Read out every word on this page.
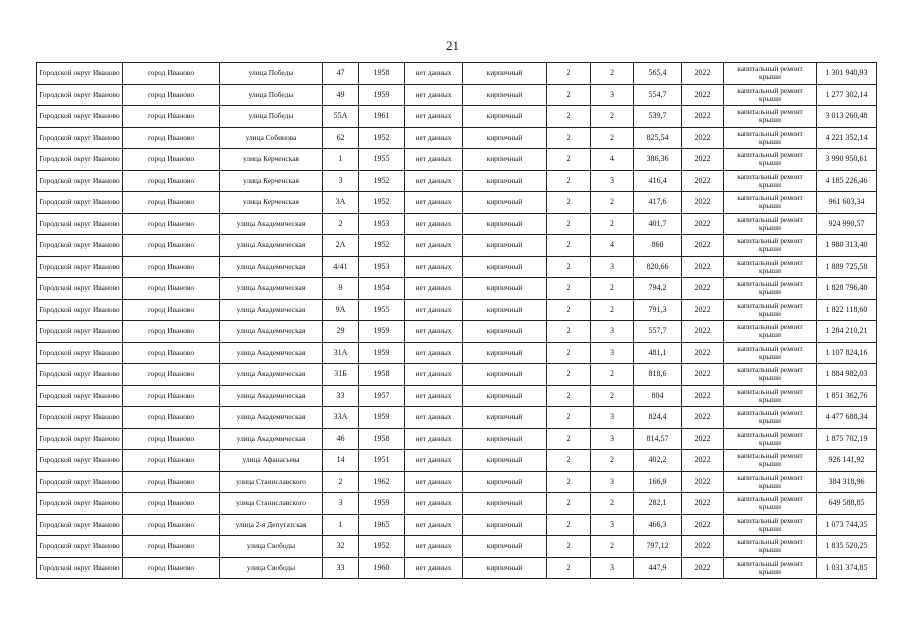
21
Городской округ Иваново	город Иваново	улица Победы	47	1958	нет данных	кирпичный	2	2	565,4	2022	капитальный ремонт крыши	1 301 940,93
Городской округ Иваново	город Иваново	улица Победы	49	1959	нет данных	кирпичный	2	3	554,7	2022	капитальный ремонт крыши	1 277 302,14
Городской округ Иваново	город Иваново	улица Победы	55А	1961	нет данных	кирпичный	2	2	539,7	2022	капитальный ремонт крыши	3 013 260,48
Городской округ Иваново	город Иваново	улица Собинова	62	1952	нет данных	кирпичный	2	2	825,54	2022	капитальный ремонт крыши	4 221 352,14
Городской округ Иваново	город Иваново	улица Керченская	1	1955	нет данных	кирпичный	2	4	386,36	2022	капитальный ремонт крыши	3 990 950,61
Городской округ Иваново	город Иваново	улица Керченская	3	1952	нет данных	кирпичный	2	3	416,4	2022	капитальный ремонт крыши	4 185 226,46
Городской округ Иваново	город Иваново	улица Керченская	3А	1952	нет данных	кирпичный	2	2	417,6	2022	капитальный ремонт крыши	961 603,34
Городской округ Иваново	город Иваново	улица Академическая	2	1953	нет данных	кирпичный	2	2	401,7	2022	капитальный ремонт крыши	924 990,57
Городской округ Иваново	город Иваново	улица Академическая	2А	1952	нет данных	кирпичный	2	4	860	2022	капитальный ремонт крыши	1 980 313,40
Городской округ Иваново	город Иваново	улица Академическая	4/41	1953	нет данных	кирпичный	2	3	820,66	2022	капитальный ремонт крыши	1 889 725,58
Городской округ Иваново	город Иваново	улица Академическая	9	1954	нет данных	кирпичный	2	2	794,2	2022	капитальный ремонт крыши	1 828 796,40
Городской округ Иваново	город Иваново	улица Академическая	9А	1955	нет данных	кирпичный	2	2	791,3	2022	капитальный ремонт крыши	1 822 118,60
Городской округ Иваново	город Иваново	улица Академическая	29	1959	нет данных	кирпичный	2	3	557,7	2022	капитальный ремонт крыши	1 284 210,21
Городской округ Иваново	город Иваново	улица Академическая	31А	1959	нет данных	кирпичный	2	3	481,1	2022	капитальный ремонт крыши	1 107 824,16
Городской округ Иваново	город Иваново	улица Академическая	31Б	1958	нет данных	кирпичный	2	2	818,6	2022	капитальный ремонт крыши	1 884 982,03
Городской округ Иваново	город Иваново	улица Академическая	33	1957	нет данных	кирпичный	2	2	804	2022	капитальный ремонт крыши	1 851 362,76
Городской округ Иваново	город Иваново	улица Академическая	33А	1959	нет данных	кирпичный	2	3	824,4	2022	капитальный ремонт крыши	4 477 688,34
Городской округ Иваново	город Иваново	улица Академическая	46	1958	нет данных	кирпичный	2	3	814,57	2022	капитальный ремонт крыши	1 875 702,19
Городской округ Иваново	город Иваново	улица Афанасьева	14	1951	нет данных	кирпичный	2	2	402,2	2022	капитальный ремонт крыши	926 141,92
Городской округ Иваново	город Иваново	улица Станиславского	2	1962	нет данных	кирпичный	2	3	166,9	2022	капитальный ремонт крыши	384 318,96
Городской округ Иваново	город Иваново	улица Станиславского	3	1959	нет данных	кирпичный	2	2	282,1	2022	капитальный ремонт крыши	649 588,85
Городской округ Иваново	город Иваново	улица 2-я Депутатская	1	1965	нет данных	кирпичный	2	3	466,3	2022	капитальный ремонт крыши	1 073 744,35
Городской округ Иваново	город Иваново	улица Свободы	32	1952	нет данных	кирпичный	2	2	797,12	2022	капитальный ремонт крыши	1 835 520,25
Городской округ Иваново	город Иваново	улица Свободы	33	1960	нет данных	кирпичный	2	3	447,9	2022	капитальный ремонт крыши	1 031 374,85
